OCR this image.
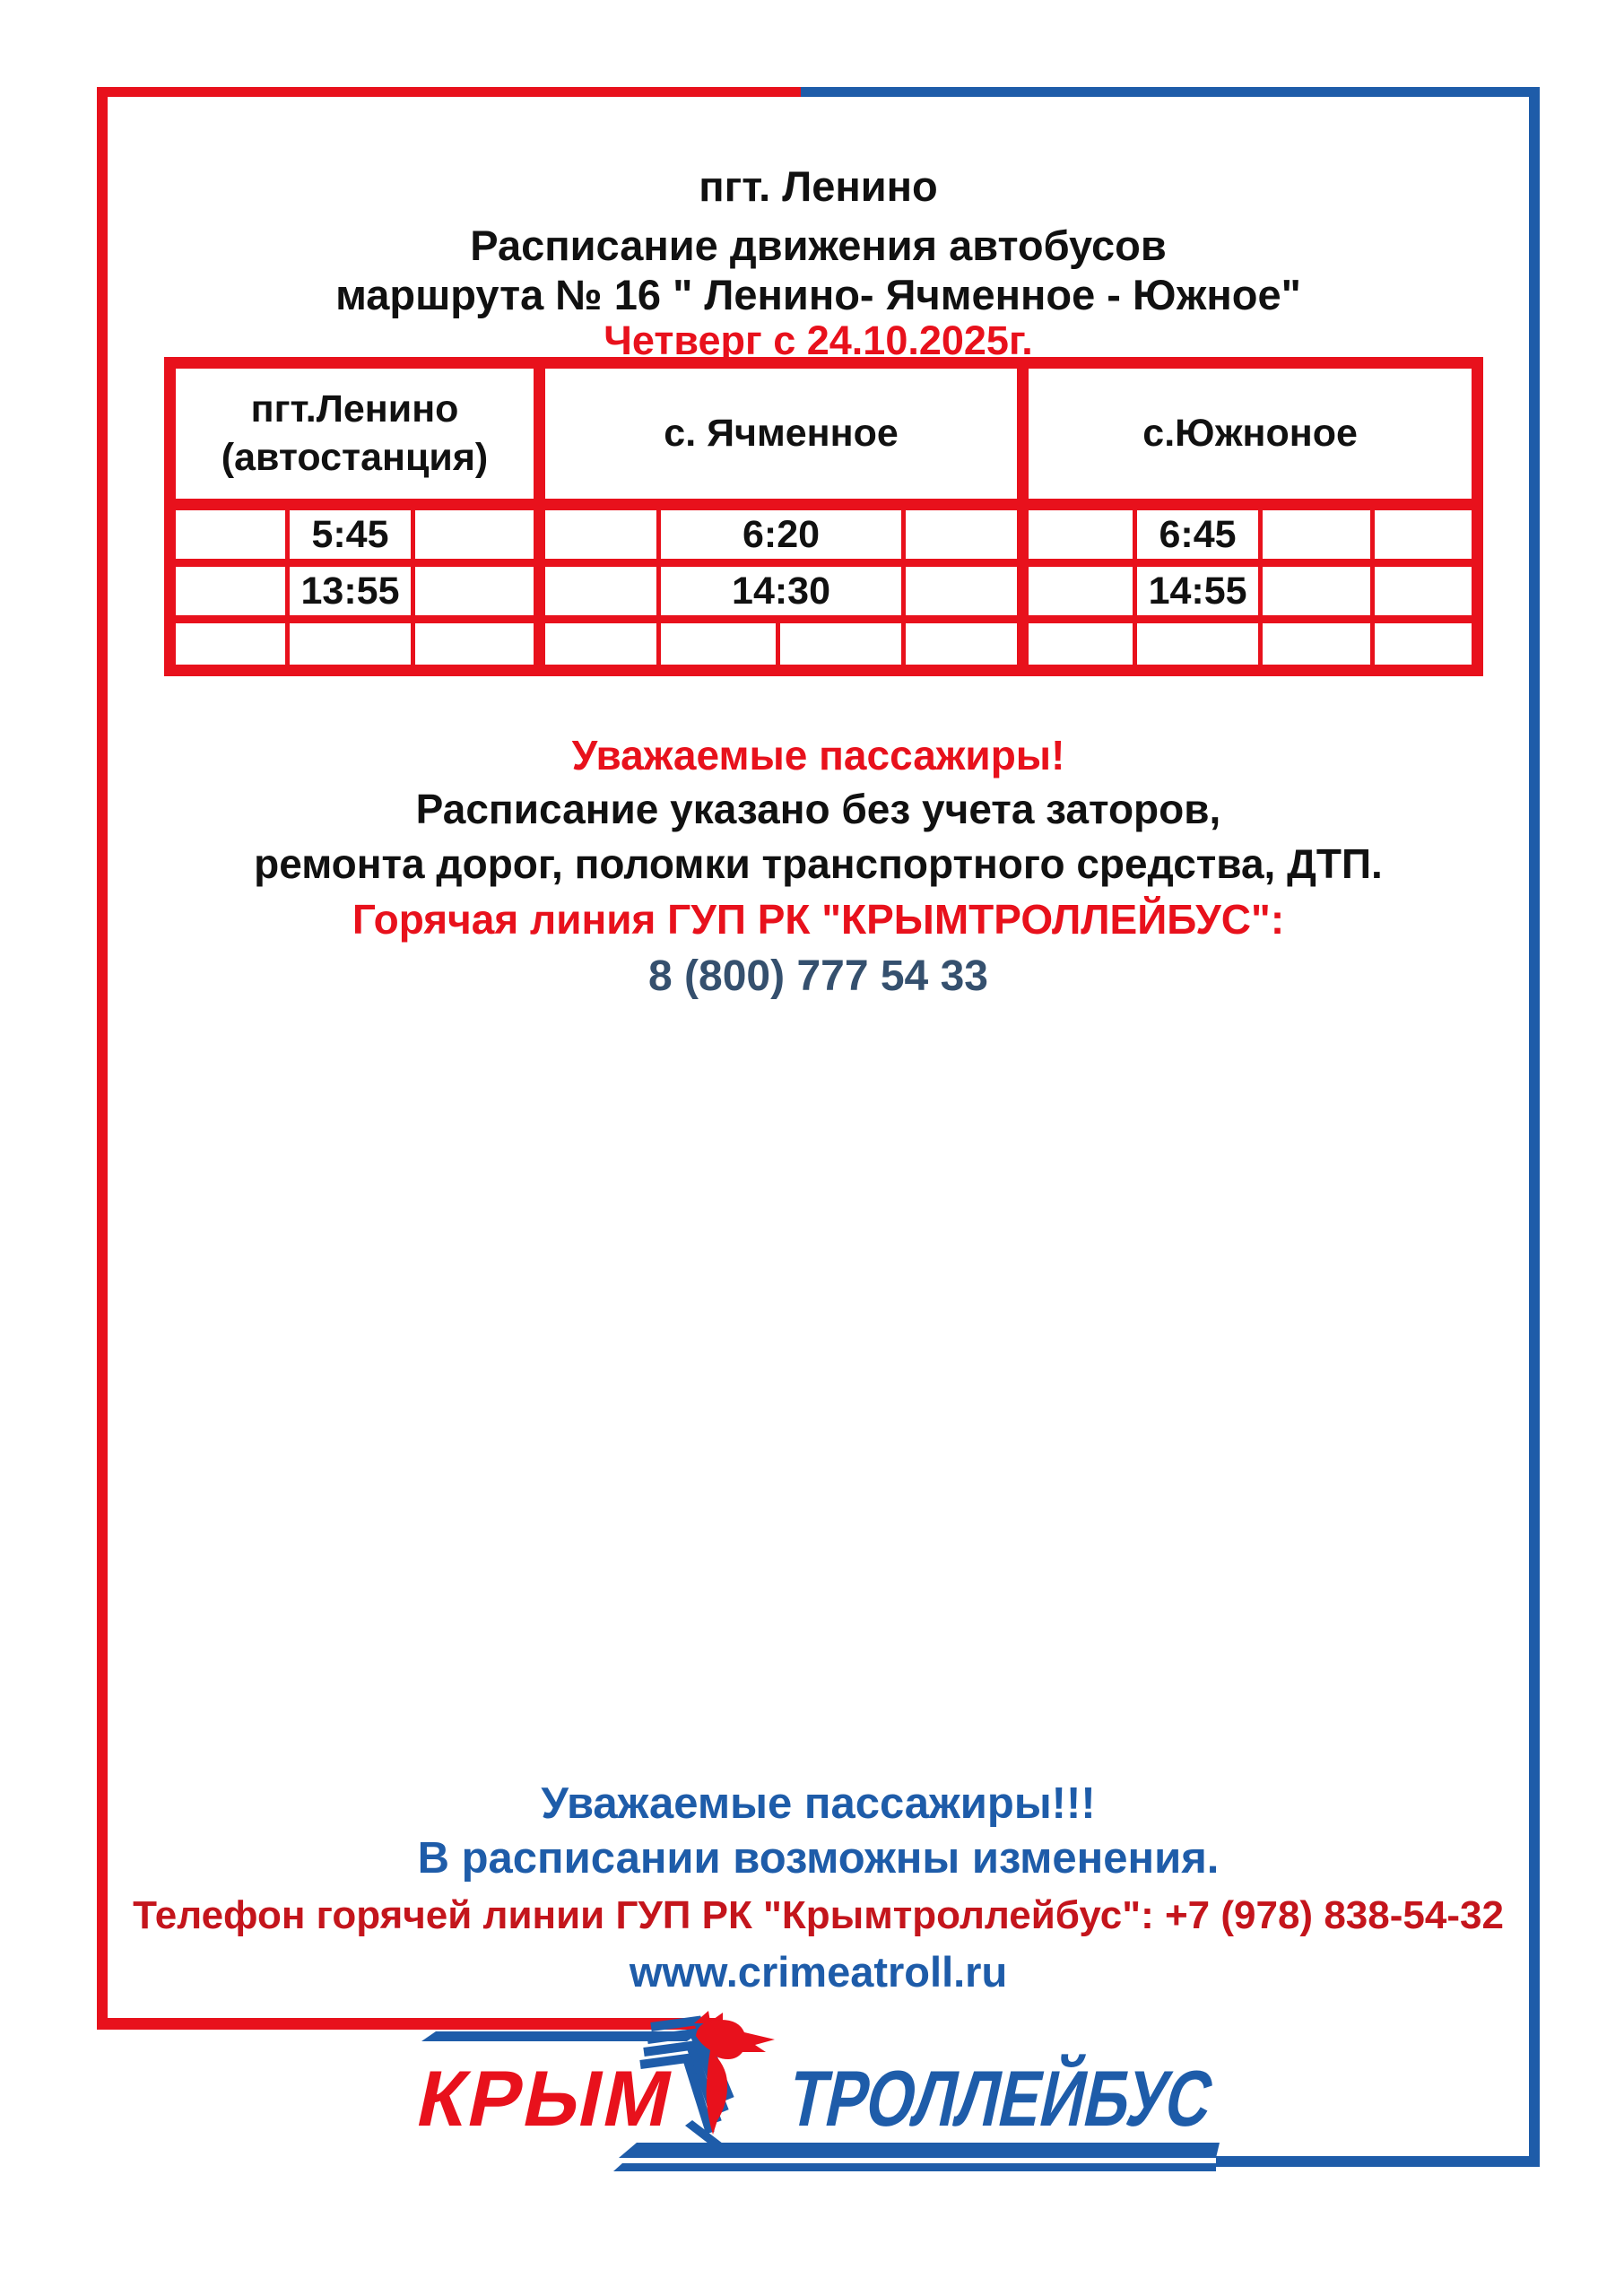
пгт. Ленино
Расписание движения автобусов
маршрута № 16 " Ленино- Ячменное - Южное"
Четверг с 24.10.2025г.
пгт.Ленино
(автостанция)			с. Ячменное				с.Южноное			
	5:45			6:20				6:45		
	13:55			14:30				14:55		

Уважаемые пассажиры!
Расписание указано без учета заторов,
ремонта дорог, поломки транспортного средства, ДТП.
Горячая линия ГУП РК "КРЫМТРОЛЛЕЙБУС":
8 (800) 777 54 33
Уважаемые пассажиры!!!
В расписании возможны изменения.
Телефон горячей линии ГУП РК "Крымтроллейбус": +7 (978) 838-54-32
www.crimeatroll.ru
КРЫМ ТРОЛЛЕЙБУС
